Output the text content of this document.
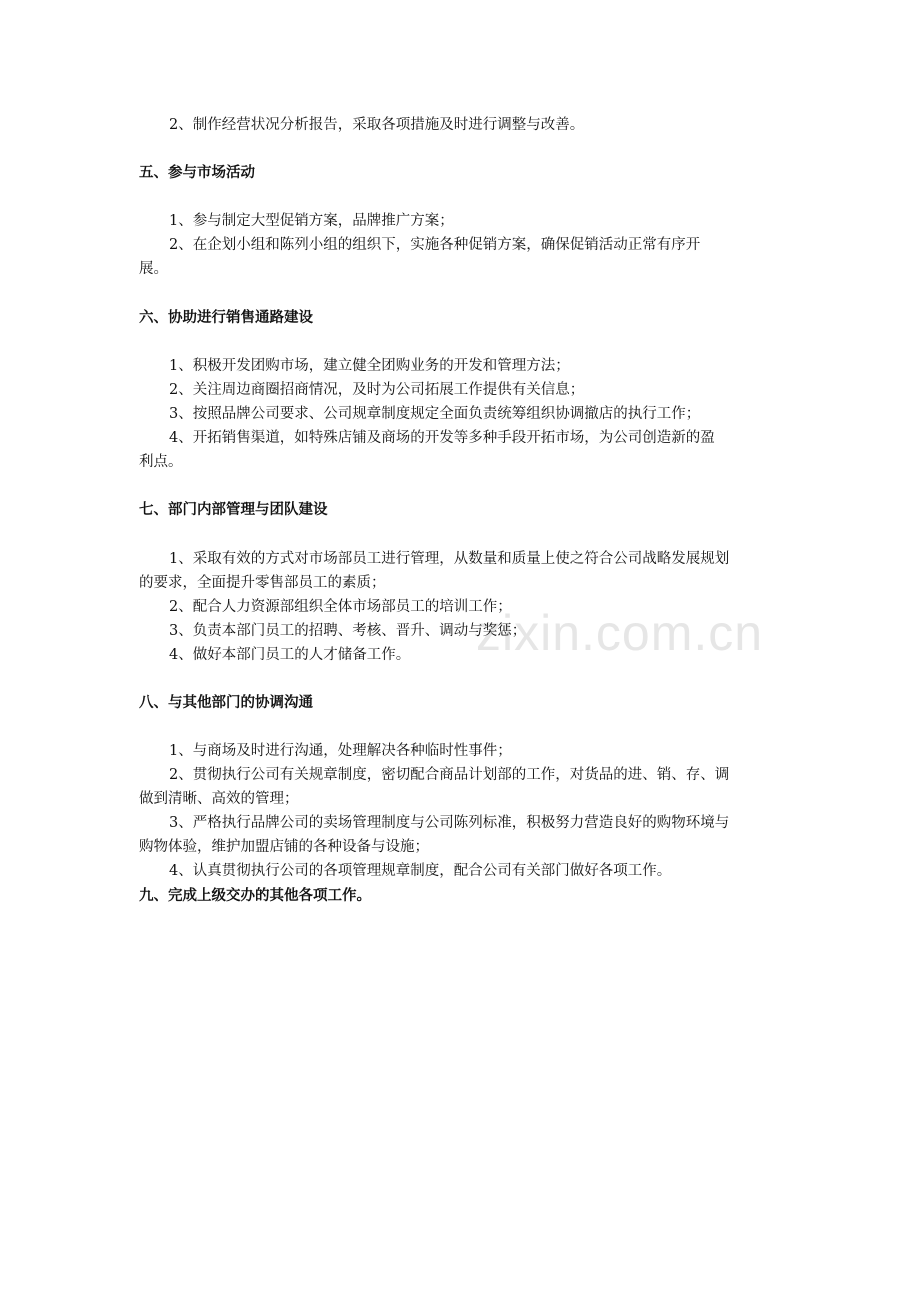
zixin.com.cn
2、制作经营状况分析报告，采取各项措施及时进行调整与改善。
五、参与市场活动
1、参与制定大型促销方案，品牌推广方案；
2、在企划小组和陈列小组的组织下，实施各种促销方案，确保促销活动正常有序开
展。
六、协助进行销售通路建设
1、积极开发团购市场，建立健全团购业务的开发和管理方法；
2、关注周边商圈招商情况，及时为公司拓展工作提供有关信息；
3、按照品牌公司要求、公司规章制度规定全面负责统筹组织协调撤店的执行工作；
4、开拓销售渠道，如特殊店铺及商场的开发等多种手段开拓市场，为公司创造新的盈
利点。
七、部门内部管理与团队建设
1、采取有效的方式对市场部员工进行管理，从数量和质量上使之符合公司战略发展规划
的要求，全面提升零售部员工的素质；
2、配合人力资源部组织全体市场部员工的培训工作；
3、负责本部门员工的招聘、考核、晋升、调动与奖惩；
4、做好本部门员工的人才储备工作。
八、与其他部门的协调沟通
1、与商场及时进行沟通，处理解决各种临时性事件；
2、贯彻执行公司有关规章制度，密切配合商品计划部的工作，对货品的进、销、存、调
做到清晰、高效的管理；
3、严格执行品牌公司的卖场管理制度与公司陈列标准，积极努力营造良好的购物环境与
购物体验，维护加盟店铺的各种设备与设施；
4、认真贯彻执行公司的各项管理规章制度，配合公司有关部门做好各项工作。
九、完成上级交办的其他各项工作。
